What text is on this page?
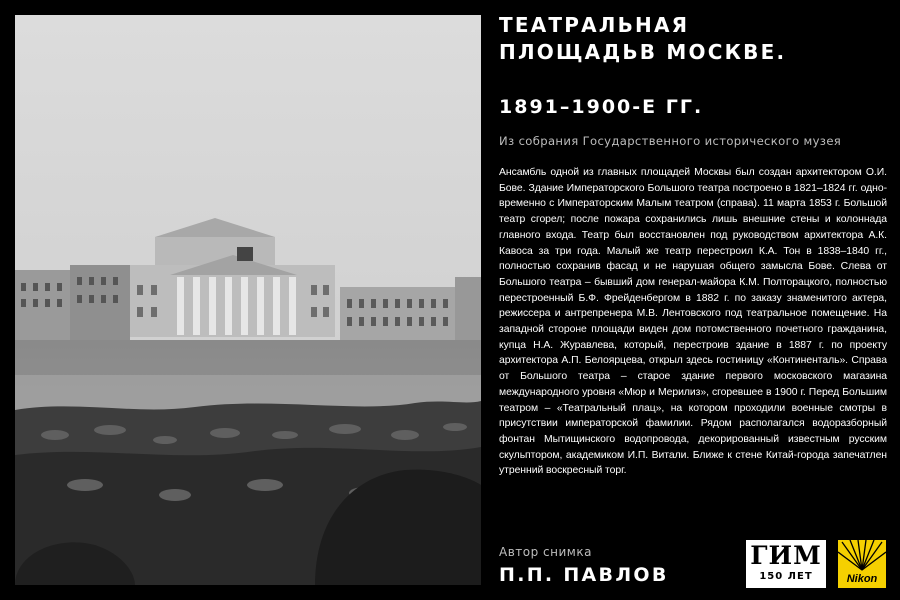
ТЕАТРАЛЬНАЯ
ПЛОЩАДЬВ МОСКВЕ.
1891–1900-Е ГГ.

Из собрания Государственного исторического музея

Ансамбль одной из главных площадей Москвы был создан архитектором О.И. Бове. Здание Императорского Большого театра построено в 1821–1824 гг. одно-временно с Императорским Малым театром (справа). 11 марта 1853 г. Большой театр сгорел; после пожара сохранились лишь внешние стены и колоннада главного входа. Театр был восстановлен под руководством архитектора А.К. Кавоса за три года. Малый же театр перестроил К.А. Тон в 1838–1840 гг., полностью сохранив фасад и не нарушая общего замысла Бове. Слева от Большого театра – бывший дом генерал-майора К.М. Полторацкого, полностью перестроенный Б.Ф. Фрейденбергом в 1882 г. по заказу знаменитого актера, режиссера и антрепренера М.В. Лентовского под театральное помещение. На западной стороне площади виден дом потомственного почетного гражданина, купца Н.А. Журавлева, который, перестроив здание в 1887 г. по проекту архитектора А.П. Белоярцева, открыл здесь гостиницу «Континенталь». Справа от Большого театра – старое здание первого московского магазина международного уровня «Мюр и Мерилиз», сгоревшее в 1900 г. Перед Большим театром – «Театральный плац», на котором проходили военные смотры в присутствии императорской фамилии. Рядом располагался водоразборный фонтан Мытищинского водопровода, декорированный известным русским скульптором, академиком И.П. Витали. Ближе к стене Китай-города запечатлен утренний воскресный торг.

Автор снимка

П.П. ПАВЛОВ

ГИМ
150 ЛЕТ	Nikon
